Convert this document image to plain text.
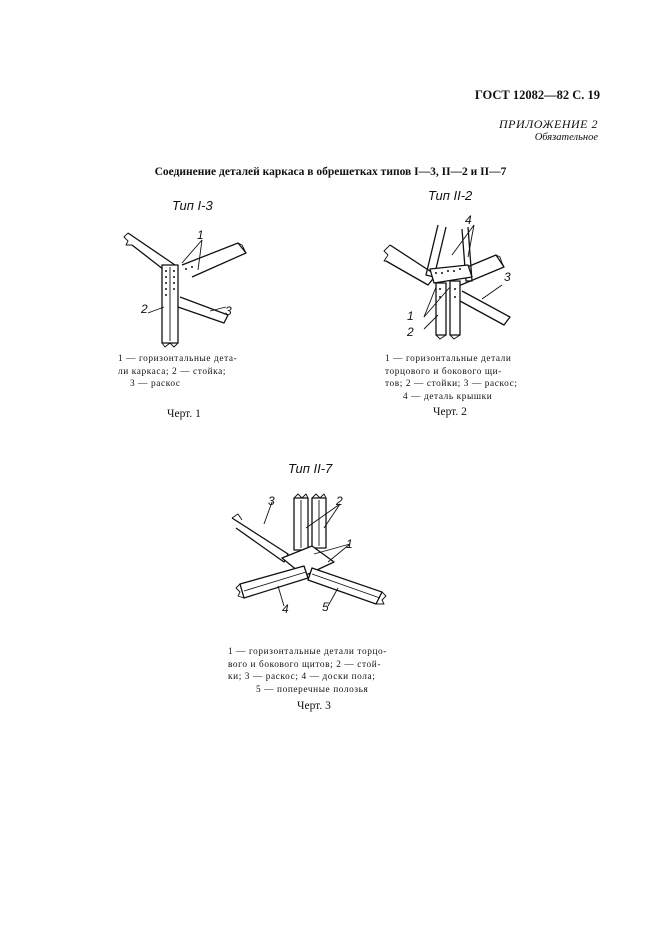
ГОСТ 12082—82 С. 19
ПРИЛОЖЕНИЕ 2
Обязательное
Соединение деталей каркаса в обрешетках типов I—3, II—2 и II—7
Тип I-3
1
2	3
1 — горизонтальные дета-
ли каркаса; 2 — стойка;
3 — раскос
Черт. 1
Тип II-2
4
3
1
2
1 — горизонтальные детали
торцового и бокового щи-
тов; 2 — стойки; 3 — раскос;
4 — деталь крышки
Черт. 2
Тип II-7
3	2
1
4	5
1 — горизонтальные детали торцо-
вого и бокового щитов; 2 — стой-
ки; 3 — раскос; 4 — доски пола;
5 — поперечные полозья
Черт. 3
